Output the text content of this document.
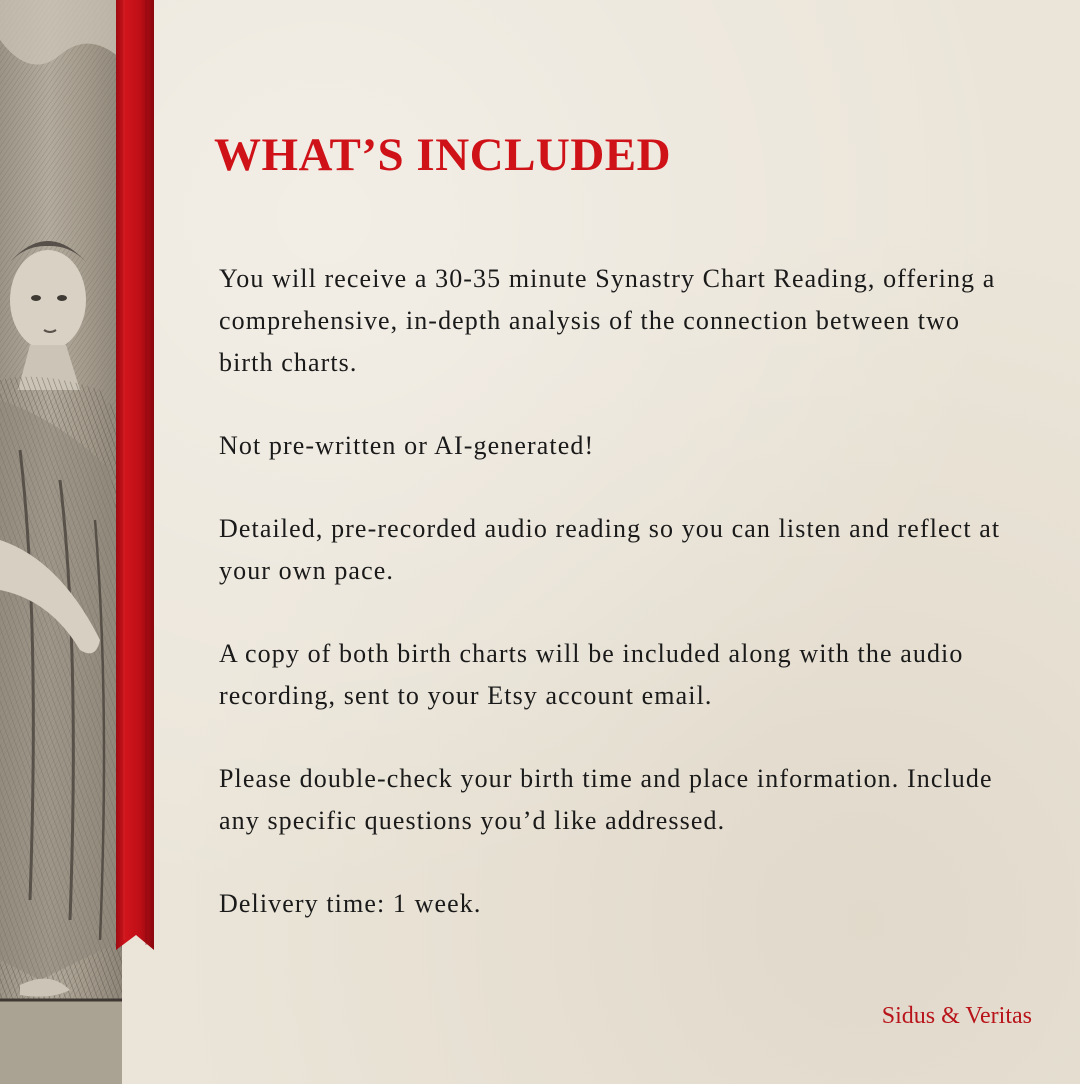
WHAT’S INCLUDED

You will receive a 30-35 minute Synastry Chart Reading, offering a comprehensive, in-depth analysis of the connection between two birth charts.

Not pre-written or AI-generated!

Detailed, pre-recorded audio reading so you can listen and reflect at your own pace.

A copy of both birth charts will be included along with the audio recording, sent to your Etsy account email.

Please double-check your birth time and place information. Include any specific questions you’d like addressed.

Delivery time: 1 week.

Sidus & Veritas
